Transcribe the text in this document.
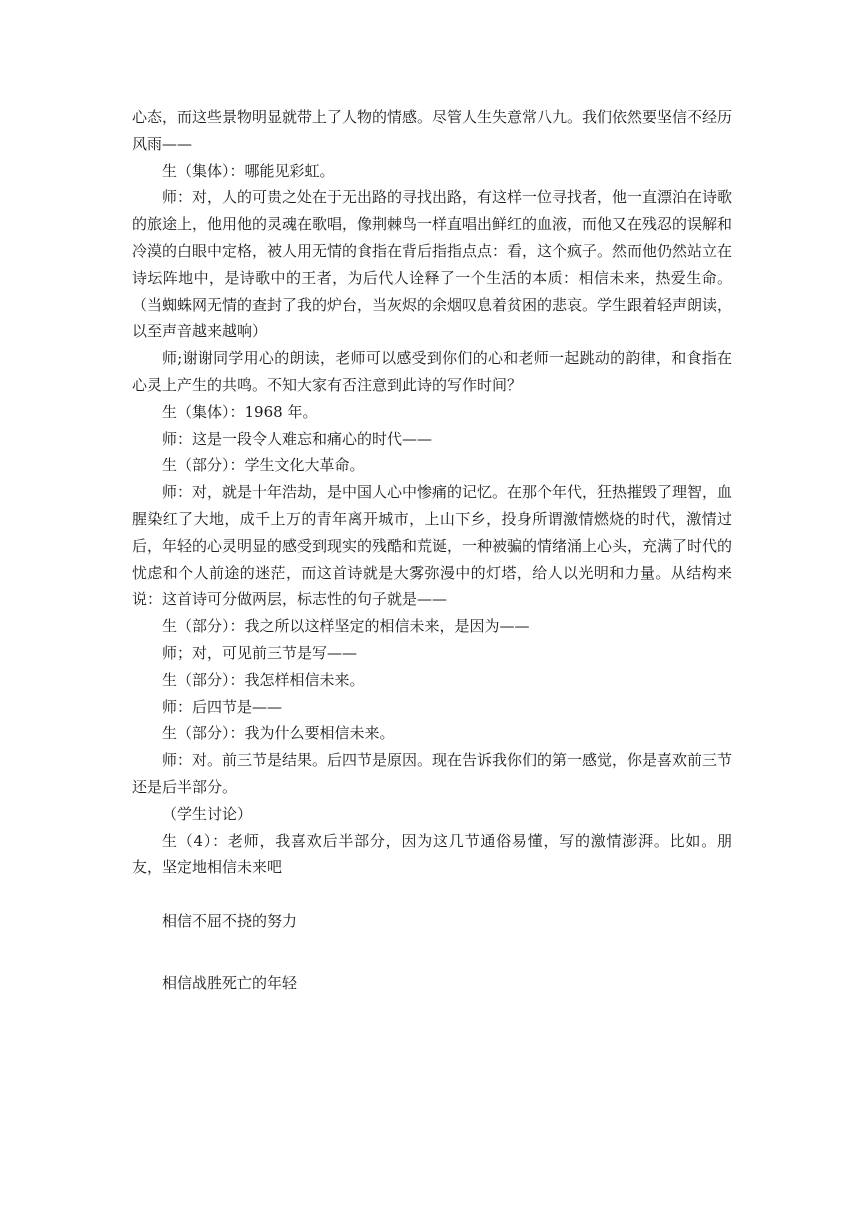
心态，而这些景物明显就带上了人物的情感。尽管人生失意常八九。我们依然要坚信不经历风雨——

生（集体）：哪能见彩虹。

师：对，人的可贵之处在于无出路的寻找出路，有这样一位寻找者，他一直漂泊在诗歌的旅途上，他用他的灵魂在歌唱，像荆棘鸟一样直唱出鲜红的血液，而他又在残忍的误解和冷漠的白眼中定格，被人用无情的食指在背后指指点点：看，这个疯子。然而他仍然站立在诗坛阵地中，是诗歌中的王者，为后代人诠释了一个生活的本质：相信未来，热爱生命。（当蜘蛛网无情的查封了我的炉台，当灰烬的余烟叹息着贫困的悲哀。学生跟着轻声朗读，以至声音越来越响）

师;谢谢同学用心的朗读，老师可以感受到你们的心和老师一起跳动的韵律，和食指在心灵上产生的共鸣。不知大家有否注意到此诗的写作时间？

生（集体）：1968 年。

师：这是一段令人难忘和痛心的时代——

生（部分）：学生文化大革命。

师：对，就是十年浩劫，是中国人心中惨痛的记忆。在那个年代，狂热摧毁了理智，血腥染红了大地，成千上万的青年离开城市，上山下乡，投身所谓激情燃烧的时代，激情过后，年轻的心灵明显的感受到现实的残酷和荒诞，一种被骗的情绪涌上心头，充满了时代的忧虑和个人前途的迷茫，而这首诗就是大雾弥漫中的灯塔，给人以光明和力量。从结构来说：这首诗可分做两层，标志性的句子就是——

生（部分）：我之所以这样坚定的相信未来，是因为——

师；对，可见前三节是写——

生（部分）：我怎样相信未来。

师：后四节是——

生（部分）：我为什么要相信未来。

师：对。前三节是结果。后四节是原因。现在告诉我你们的第一感觉，你是喜欢前三节还是后半部分。

（学生讨论）

生（4）：老师，我喜欢后半部分，因为这几节通俗易懂，写的激情澎湃。比如。朋友，坚定地相信未来吧

相信不屈不挠的努力

相信战胜死亡的年轻
